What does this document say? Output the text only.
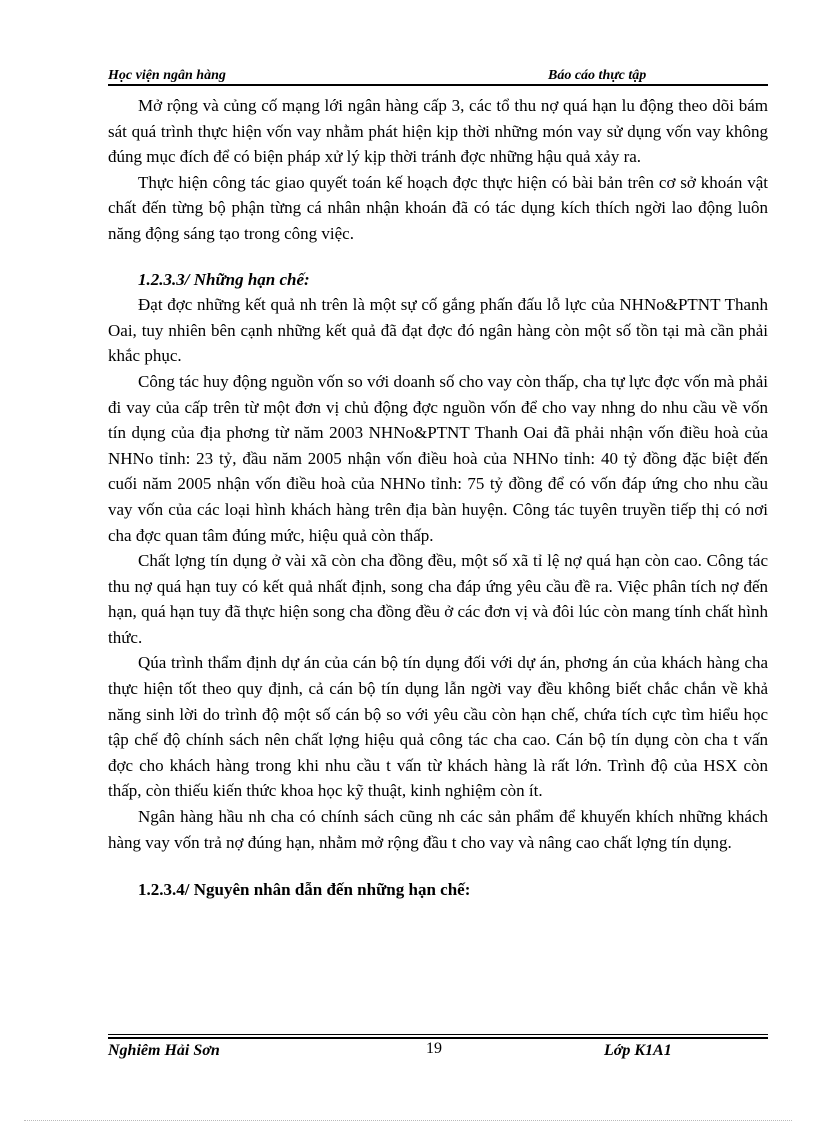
Học viện ngân hàng	Báo cáo thực tập

Mở rộng và củng cố mạng lới ngân hàng cấp 3, các tổ thu nợ quá hạn lu động theo dõi bám sát quá trình thực hiện vốn vay nhằm phát hiện kịp thời những món vay sử dụng vốn vay không đúng mục đích để có biện pháp xử lý kịp thời tránh đợc những hậu quả xảy ra.

Thực hiện công tác giao quyết toán kế hoạch đợc thực hiện có bài bản trên cơ sở khoán vật chất đến từng bộ phận từng cá nhân nhận khoán đã có tác dụng kích thích ngời lao động luôn năng động sáng tạo trong công việc.

1.2.3.3/ Những hạn chế:

Đạt đợc những kết quả nh trên là một sự cố gắng phấn đấu lỗ lực của NHNo&PTNT Thanh Oai, tuy nhiên bên cạnh những kết quả đã đạt đợc đó ngân hàng còn một số tồn tại mà cần phải khắc phục.

Công tác huy động nguồn vốn so với doanh số cho vay còn thấp, cha tự lực đợc vốn mà phải đi vay của cấp trên từ một đơn vị chủ động đợc nguồn vốn để cho vay nhng do nhu cầu về vốn tín dụng của địa phơng từ năm 2003 NHNo&PTNT Thanh Oai đã phải nhận vốn điều hoà của NHNo tỉnh: 23 tỷ, đầu năm 2005 nhận vốn điều hoà của NHNo tỉnh: 40 tỷ đồng đặc biệt đến cuối năm 2005 nhận vốn điều hoà của NHNo tỉnh: 75 tỷ đồng để có vốn đáp ứng cho nhu cầu vay vốn của các loại hình khách hàng trên địa bàn huyện. Công tác tuyên truyền tiếp thị có nơi cha đợc quan tâm đúng mức, hiệu quả còn thấp.

Chất lợng tín dụng ở vài xã còn cha đồng đều, một số xã tỉ lệ nợ quá hạn còn cao. Công tác thu nợ quá hạn tuy có kết quả nhất định, song cha đáp ứng yêu cầu đề ra. Việc phân tích nợ đến hạn, quá hạn tuy đã thực hiện song cha đồng đều ở các đơn vị và đôi lúc còn mang tính chất hình thức.

Qúa trình thẩm định dự án của cán bộ tín dụng đối với dự án, phơng án của khách hàng cha thực hiện tốt theo quy định, cả cán bộ tín dụng lẫn ngời vay đều không biết chắc chắn về khả năng sinh lời do trình độ một số cán bộ so với yêu cầu còn hạn chế, chứa tích cực tìm hiểu học tập chế độ chính sách nên chất lợng hiệu quả công tác cha cao. Cán bộ tín dụng còn cha t vấn đợc cho khách hàng trong khi nhu cầu t vấn từ khách hàng là rất lớn. Trình độ của HSX còn thấp, còn thiếu kiến thức khoa học kỹ thuật, kinh nghiệm còn ít.

Ngân hàng hầu nh cha có chính sách cũng nh các sản phẩm để khuyến khích những khách hàng vay vốn trả nợ đúng hạn, nhằm mở rộng đầu t cho vay và nâng cao chất lợng tín dụng.

1.2.3.4/ Nguyên nhân dẫn đến những hạn chế:
Nghiêm Hải Sơn	19	Lớp K1A1
